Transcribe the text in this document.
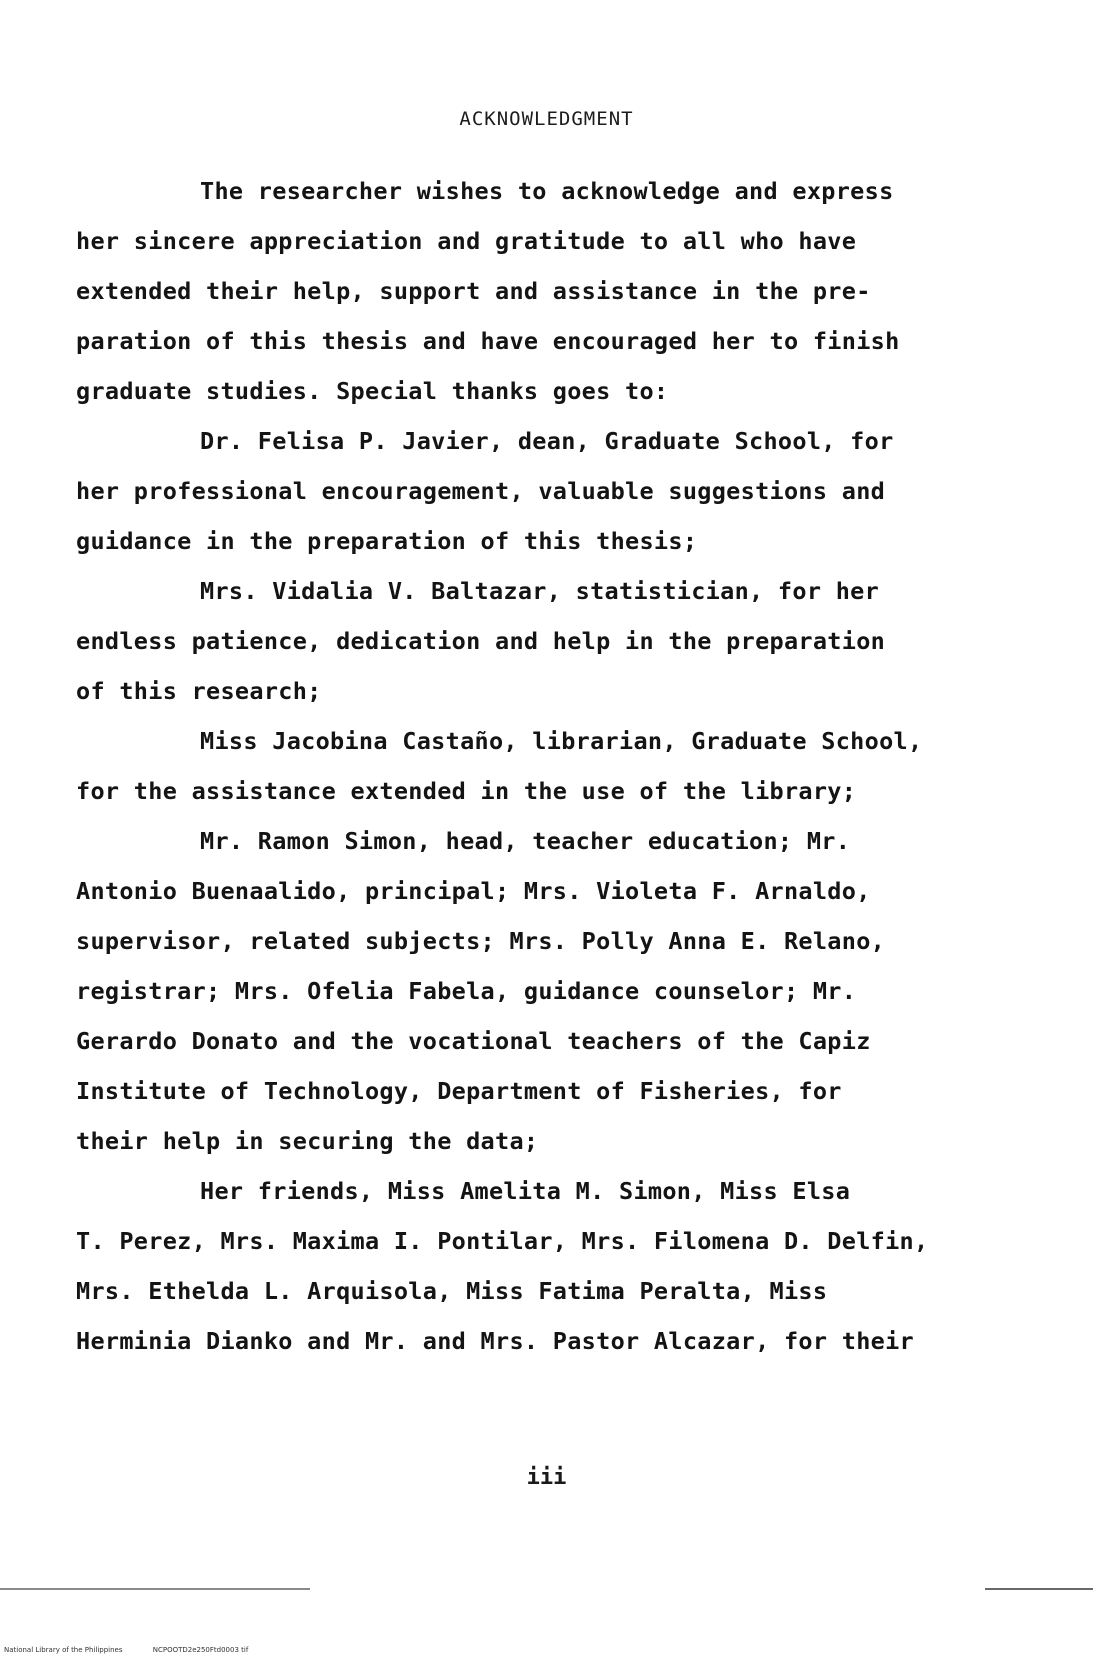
ACKNOWLEDGMENT
The researcher wishes to acknowledge and express
her sincere appreciation and gratitude to all who have
extended their help, support and assistance in the pre-
paration of this thesis and have encouraged her to finish
graduate studies. Special thanks goes to:
Dr. Felisa P. Javier, dean, Graduate School, for
her professional encouragement, valuable suggestions and
guidance in the preparation of this thesis;
Mrs. Vidalia V. Baltazar, statistician, for her
endless patience, dedication and help in the preparation
of this research;
Miss Jacobina Castaño, librarian, Graduate School,
for the assistance extended in the use of the library;
Mr. Ramon Simon, head, teacher education; Mr.
Antonio Buenaalido, principal; Mrs. Violeta F. Arnaldo,
supervisor, related subjects; Mrs. Polly Anna E. Relano,
registrar; Mrs. Ofelia Fabela, guidance counselor; Mr.
Gerardo Donato and the vocational teachers of the Capiz
Institute of Technology, Department of Fisheries, for
their help in securing the data;
Her friends, Miss Amelita M. Simon, Miss Elsa
T. Perez, Mrs. Maxima I. Pontilar, Mrs. Filomena D. Delfin,
Mrs. Ethelda L. Arquisola, Miss Fatima Peralta, Miss
Herminia Dianko and Mr. and Mrs. Pastor Alcazar, for their
iii
National Library of the Philippines	NCPOOTD2e250Ftd0003 tif
